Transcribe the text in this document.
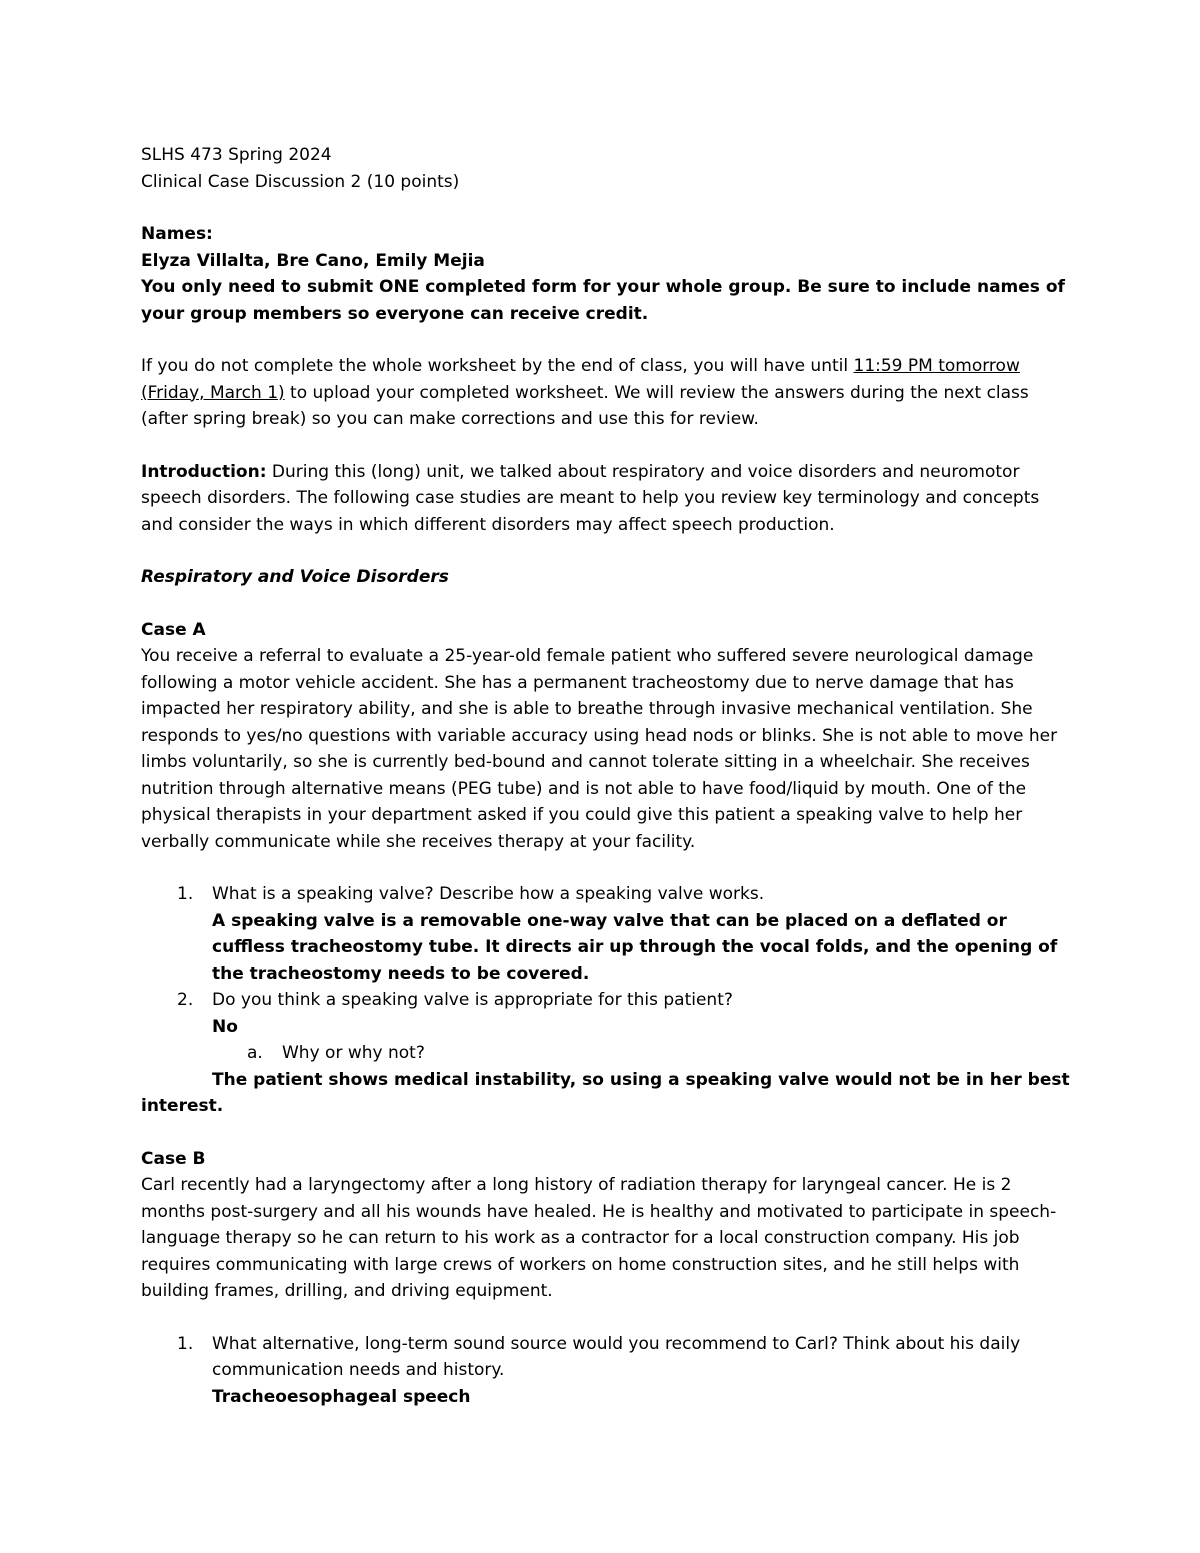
SLHS 473 Spring 2024

Clinical Case Discussion 2 (10 points)

Names:

Elyza Villalta, Bre Cano, Emily Mejia

You only need to submit ONE completed form for your whole group. Be sure to include names of your group members so everyone can receive credit.

If you do not complete the whole worksheet by the end of class, you will have until 11:59 PM tomorrow (Friday, March 1) to upload your completed worksheet. We will review the answers during the next class (after spring break) so you can make corrections and use this for review.

Introduction: During this (long) unit, we talked about respiratory and voice disorders and neuromotor speech disorders. The following case studies are meant to help you review key terminology and concepts and consider the ways in which different disorders may affect speech production.

Respiratory and Voice Disorders

Case A

You receive a referral to evaluate a 25-year-old female patient who suffered severe neurological damage following a motor vehicle accident. She has a permanent tracheostomy due to nerve damage that has impacted her respiratory ability, and she is able to breathe through invasive mechanical ventilation. She responds to yes/no questions with variable accuracy using head nods or blinks. She is not able to move her limbs voluntarily, so she is currently bed-bound and cannot tolerate sitting in a wheelchair. She receives nutrition through alternative means (PEG tube) and is not able to have food/liquid by mouth. One of the physical therapists in your department asked if you could give this patient a speaking valve to help her verbally communicate while she receives therapy at your facility.

1. What is a speaking valve? Describe how a speaking valve works.

A speaking valve is a removable one-way valve that can be placed on a deflated or cuffless tracheostomy tube. It directs air up through the vocal folds, and the opening of the tracheostomy needs to be covered.

2. Do you think a speaking valve is appropriate for this patient?

No

a. Why or why not?

The patient shows medical instability, so using a speaking valve would not be in her best interest.

Case B

Carl recently had a laryngectomy after a long history of radiation therapy for laryngeal cancer. He is 2 months post-surgery and all his wounds have healed. He is healthy and motivated to participate in speech-language therapy so he can return to his work as a contractor for a local construction company. His job requires communicating with large crews of workers on home construction sites, and he still helps with building frames, drilling, and driving equipment.

1. What alternative, long-term sound source would you recommend to Carl? Think about his daily communication needs and history.

Tracheoesophageal speech
